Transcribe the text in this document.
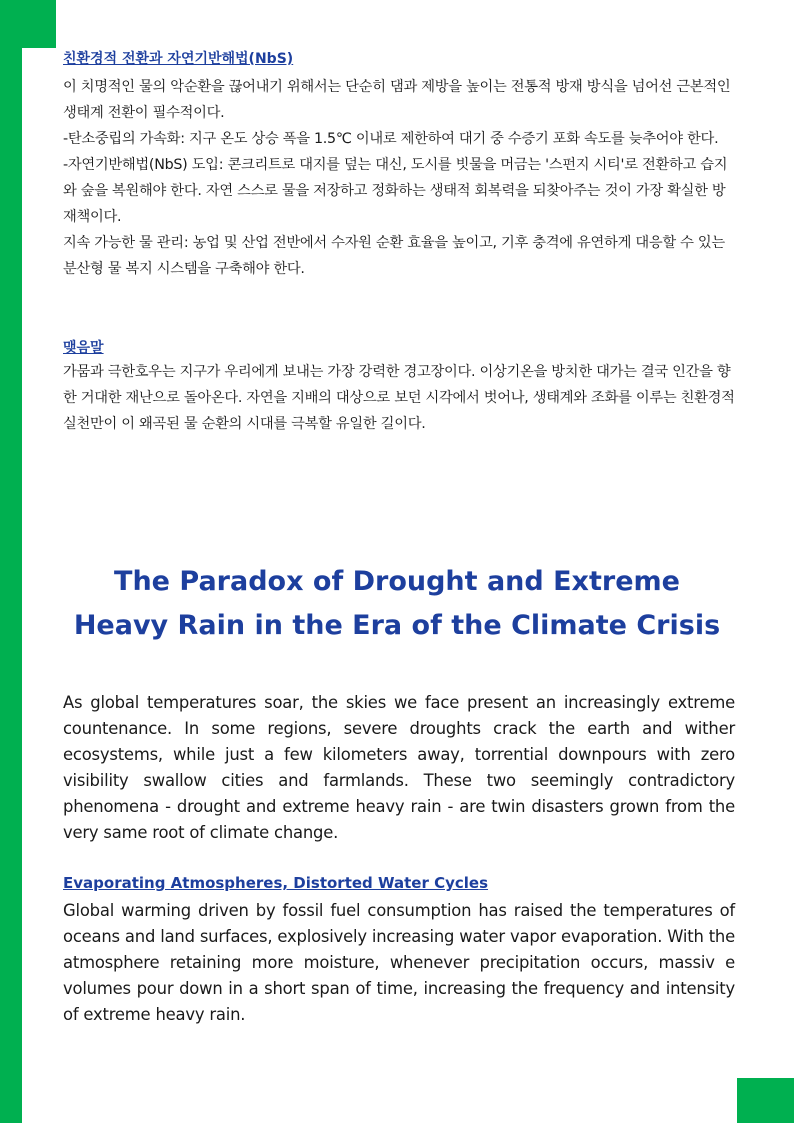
친환경적 전환과 자연기반해법(NbS)

이 치명적인 물의 악순환을 끊어내기 위해서는 단순히 댐과 제방을 높이는 전통적 방재 방식을 넘어선 근본적인 생태계 전환이 필수적이다.

-탄소중립의 가속화: 지구 온도 상승 폭을 1.5℃ 이내로 제한하여 대기 중 수증기 포화 속도를 늦추어야 한다.

-자연기반해법(NbS) 도입: 콘크리트로 대지를 덮는 대신, 도시를 빗물을 머금는 '스펀지 시티'로 전환하고 습지와 숲을 복원해야 한다. 자연 스스로 물을 저장하고 정화하는 생태적 회복력을 되찾아주는 것이 가장 확실한 방재책이다.

지속 가능한 물 관리: 농업 및 산업 전반에서 수자원 순환 효율을 높이고, 기후 충격에 유연하게 대응할 수 있는 분산형 물 복지 시스템을 구축해야 한다.

맺음말

가뭄과 극한호우는 지구가 우리에게 보내는 가장 강력한 경고장이다. 이상기온을 방치한 대가는 결국 인간을 향한 거대한 재난으로 돌아온다. 자연을 지배의 대상으로 보던 시각에서 벗어나, 생태계와 조화를 이루는 친환경적 실천만이 이 왜곡된 물 순환의 시대를 극복할 유일한 길이다.

The Paradox of Drought and Extreme
Heavy Rain in the Era of the Climate Crisis

As global temperatures soar, the skies we face present an increasingly extreme countenance. In some regions, severe droughts crack the earth and wither ecosystems, while just a few kilometers away, torrential downpours with zero visibility swallow cities and farmlands. These two seemingly contradictory phenomena - drought and extreme heavy rain - are twin disasters grown from the very same root of climate change.

Evaporating Atmospheres, Distorted Water Cycles

Global warming driven by fossil fuel consumption has raised the temperatures of oceans and land surfaces, explosively increasing water vapor evaporation. With the atmosphere retaining more moisture, whenever precipitation occurs, massiv e volumes pour down in a short span of time, increasing the frequency and intensity of extreme heavy rain.
